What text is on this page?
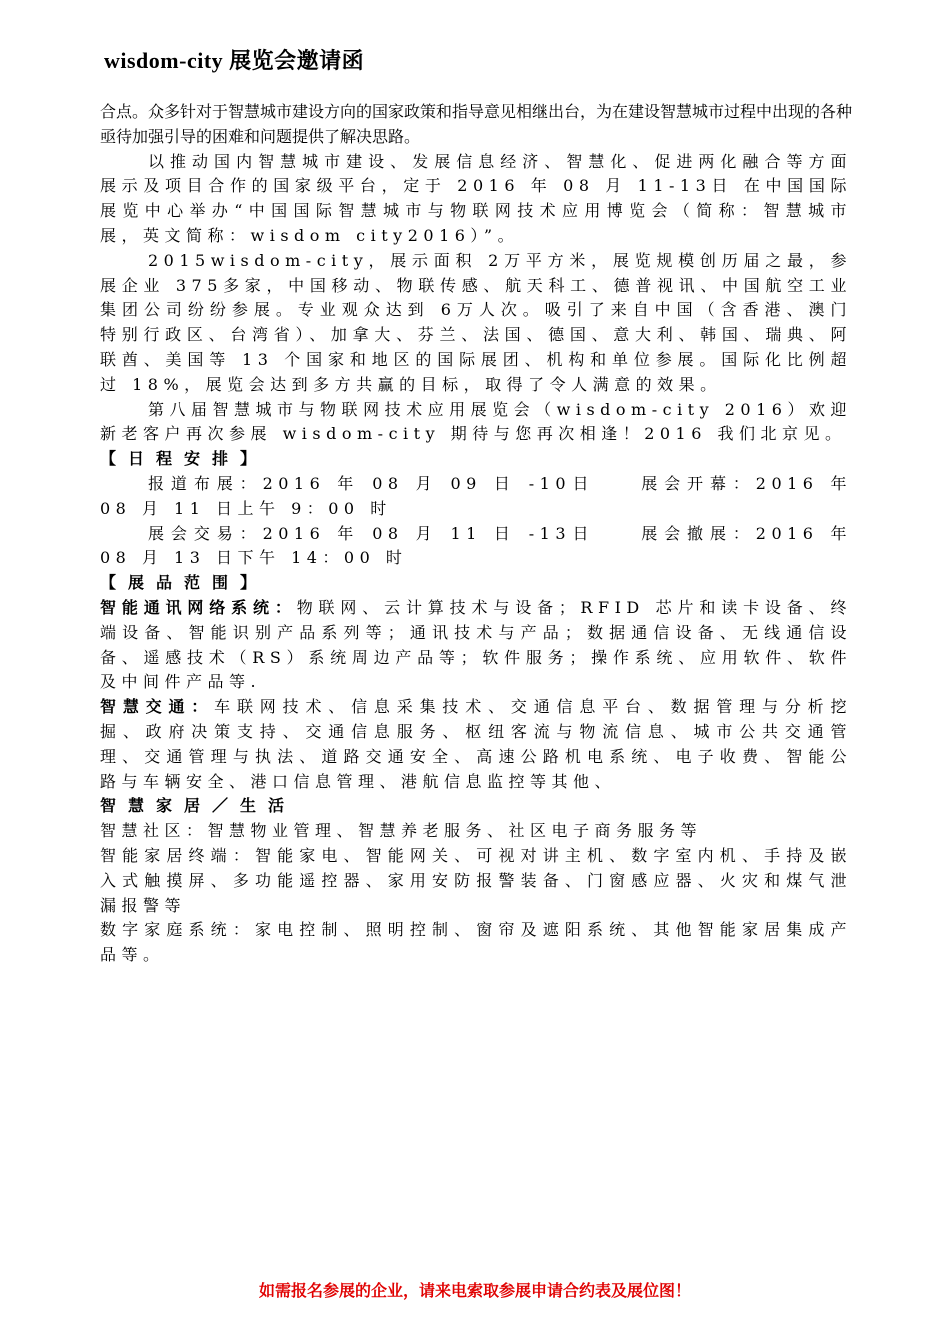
wisdom-city 展览会邀请函

合点。众多针对于智慧城市建设方向的国家政策和指导意见相继出台，为在建设智慧城市过程中出现的各种亟待加强引导的困难和问题提供了解决思路。

以推动国内智慧城市建设、发展信息经济、智慧化、促进两化融合等方面展示及项目合作的国家级平台，定于 2016 年 08 月 11-13日 在中国国际展览中心举办“中国国际智慧城市与物联网技术应用博览会（简称：智慧城市展，英文简称：wisdom city2016）”。

2015wisdom-city，展示面积 2万平方米，展览规模创历届之最，参展企业 375多家，中国移动、物联传感、航天科工、德普视讯、中国航空工业集团公司纷纷参展。专业观众达到 6万人次。吸引了来自中国（含香港、澳门特别行政区、台湾省）、加拿大、芬兰、法国、德国、意大利、韩国、瑞典、阿联酋、美国等 13 个国家和地区的国际展团、机构和单位参展。国际化比例超过 18%，展览会达到多方共赢的目标，取得了令人满意的效果。

第八届智慧城市与物联网技术应用展览会（wisdom-city 2016）欢迎新老客户再次参展 wisdom-city 期待与您再次相逢！2016 我们北京见。

【日程安排】
报道布展：2016 年 08 月 09 日 -10日　　展会开幕：2016 年 08 月 11 日上午 9：00 时
展会交易：2016 年 08 月 11 日 -13日　　展会撤展：2016 年 08 月 13 日下午 14：00 时
【展品范围】

智能通讯网络系统：物联网、云计算技术与设备；RFID 芯片和读卡设备、终端设备、智能识别产品系列等；通讯技术与产品；数据通信设备、无线通信设备、遥感技术（RS）系统周边产品等；软件服务；操作系统、应用软件、软件及中间件产品等.

智慧交通：车联网技术、信息采集技术、交通信息平台、数据管理与分析挖掘、政府决策支持、交通信息服务、枢纽客流与物流信息、城市公共交通管理、交通管理与执法、道路交通安全、高速公路机电系统、电子收费、智能公路与车辆安全、港口信息管理、港航信息监控等其他、

智慧家居／生活

智慧社区：智慧物业管理、智慧养老服务、社区电子商务服务等

智能家居终端：智能家电、智能网关、可视对讲主机、数字室内机、手持及嵌入式触摸屏、多功能遥控器、家用安防报警装备、门窗感应器、火灾和煤气泄漏报警等

数字家庭系统：家电控制、照明控制、窗帘及遮阳系统、其他智能家居集成产品等。

如需报名参展的企业，请来电索取参展申请合约表及展位图！
